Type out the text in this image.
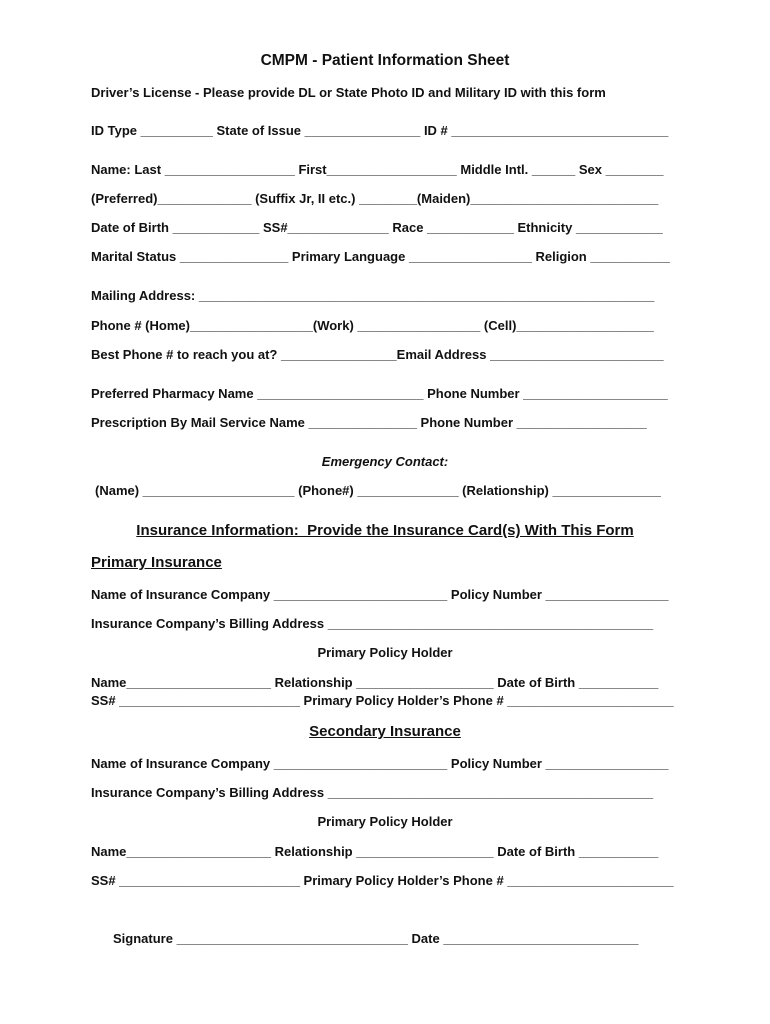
CMPM - Patient Information Sheet
Driver’s License - Please provide DL or State Photo ID and Military ID with this form
ID Type __________ State of Issue ________________ ID # ______________________________
Name: Last __________________ First__________________ Middle Intl. ______ Sex ________
(Preferred)_____________ (Suffix Jr, II etc.) ________(Maiden)__________________________
Date of Birth ____________ SS#______________ Race ____________ Ethnicity ____________
Marital Status _______________ Primary Language _________________ Religion ___________
Mailing Address: _______________________________________________________________
Phone # (Home)_________________(Work) _________________ (Cell)___________________
Best Phone # to reach you at? ________________Email Address ________________________
Preferred Pharmacy Name _______________________ Phone Number ____________________
Prescription By Mail Service Name _______________ Phone Number __________________
Emergency Contact:
(Name) _____________________ (Phone#) ______________ (Relationship) _______________
Insurance Information:  Provide the Insurance Card(s) With This Form
Primary Insurance
Name of Insurance Company ________________________ Policy Number _________________
Insurance Company’s Billing Address _____________________________________________
Primary Policy Holder
Name____________________ Relationship ___________________ Date of Birth ___________
SS# _________________________ Primary Policy Holder’s Phone # _______________________
Secondary Insurance
Name of Insurance Company ________________________ Policy Number _________________
Insurance Company’s Billing Address _____________________________________________
Primary Policy Holder
Name____________________ Relationship ___________________ Date of Birth ___________
SS# _________________________ Primary Policy Holder’s Phone # _______________________
Signature ________________________________ Date ___________________________
